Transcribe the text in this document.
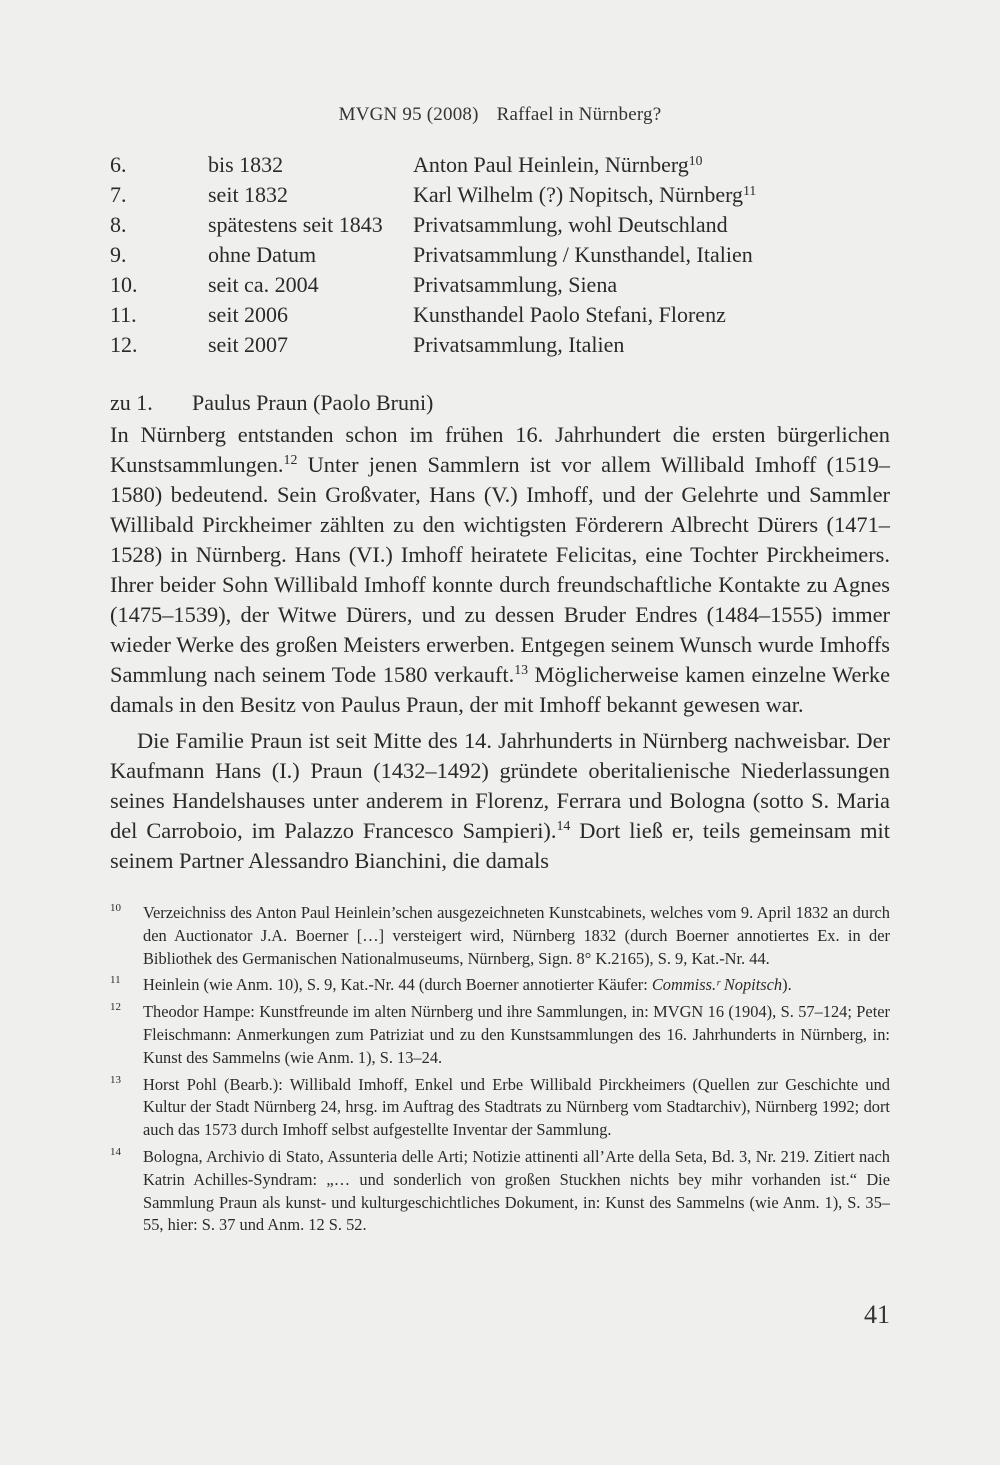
MVGN 95 (2008) Raffael in Nürnberg?
6.	bis 1832	Anton Paul Heinlein, Nürnberg$^{10}$
7.	seit 1832	Karl Wilhelm (?) Nopitsch, Nürnberg$^{11}$
8.	spätestens seit 1843 Privatsammlung, wohl Deutschland
9.	ohne Datum	Privatsammlung / Kunsthandel, Italien
10.	seit ca. 2004	Privatsammlung, Siena
11.	seit 2006	Kunsthandel Paolo Stefani, Florenz
12.	seit 2007	Privatsammlung, Italien
zu 1. Paulus Praun (Paolo Bruni)

In Nürnberg entstanden schon im frühen 16. Jahrhundert die ersten bürgerlichen Kunstsammlungen.$^{12}$ Unter jenen Sammlern ist vor allem Willibald Imhoff (1519–1580) bedeutend. Sein Großvater, Hans (V.) Imhoff, und der Gelehrte und Sammler Willibald Pirckheimer zählten zu den wichtigsten Förderern Albrecht Dürers (1471–1528) in Nürnberg. Hans (VI.) Imhoff heiratete Felicitas, eine Tochter Pirckheimers. Ihrer beider Sohn Willibald Imhoff konnte durch freundschaftliche Kontakte zu Agnes (1475–1539), der Witwe Dürers, und zu dessen Bruder Endres (1484–1555) immer wieder Werke des großen Meisters erwerben. Entgegen seinem Wunsch wurde Imhoffs Sammlung nach seinem Tode 1580 verkauft.$^{13}$ Möglicherweise kamen einzelne Werke damals in den Besitz von Paulus Praun, der mit Imhoff bekannt gewesen war.

Die Familie Praun ist seit Mitte des 14. Jahrhunderts in Nürnberg nachweisbar. Der Kaufmann Hans (I.) Praun (1432–1492) gründete oberitalienische Niederlassungen seines Handelshauses unter anderem in Florenz, Ferrara und Bologna (sotto S. Maria del Carroboio, im Palazzo Francesco Sampieri).$^{14}$ Dort ließ er, teils gemeinsam mit seinem Partner Alessandro Bianchini, die damals

10 Verzeichniss des Anton Paul Heinlein’schen ausgezeichneten Kunstcabinets, welches vom 9. April 1832 an durch den Auctionator J.A. Boerner […] versteigert wird, Nürnberg 1832 (durch Boerner annotiertes Ex. in der Bibliothek des Germanischen Nationalmuseums, Nürnberg, Sign. 8° K.2165), S. 9, Kat.-Nr. 44.
11 Heinlein (wie Anm. 10), S. 9, Kat.-Nr. 44 (durch Boerner annotierter Käufer: Commiss.ʳ Nopitsch).
12 Theodor Hampe: Kunstfreunde im alten Nürnberg und ihre Sammlungen, in: MVGN 16 (1904), S. 57–124; Peter Fleischmann: Anmerkungen zum Patriziat und zu den Kunstsammlungen des 16. Jahrhunderts in Nürnberg, in: Kunst des Sammelns (wie Anm. 1), S. 13–24.
13 Horst Pohl (Bearb.): Willibald Imhoff, Enkel und Erbe Willibald Pirckheimers (Quellen zur Geschichte und Kultur der Stadt Nürnberg 24, hrsg. im Auftrag des Stadtrats zu Nürnberg vom Stadtarchiv), Nürnberg 1992; dort auch das 1573 durch Imhoff selbst aufgestellte Inventar der Sammlung.
14 Bologna, Archivio di Stato, Assunteria delle Arti; Notizie attinenti all’Arte della Seta, Bd. 3, Nr. 219. Zitiert nach Katrin Achilles-Syndram: „… und sonderlich von großen Stuckhen nichts bey mihr vorhanden ist.“ Die Sammlung Praun als kunst- und kulturgeschichtliches Dokument, in: Kunst des Sammelns (wie Anm. 1), S. 35–55, hier: S. 37 und Anm. 12 S. 52.
41
